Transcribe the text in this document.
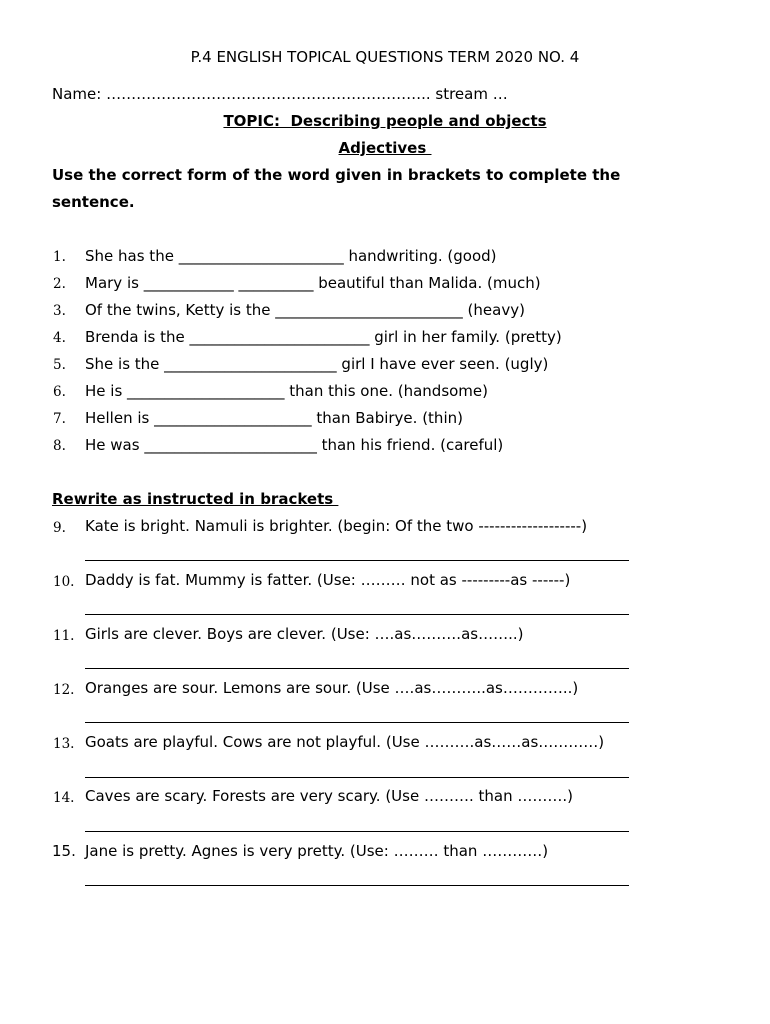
P.4 ENGLISH TOPICAL QUESTIONS TERM 2020 NO. 4
Name: ……………………………………………………….. stream …
TOPIC:  Describing people and objects
Adjectives
Use the correct form of the word given in brackets to complete the
sentence.
1. She has the ______________________ handwriting. (good)
2. Mary is ____________ __________ beautiful than Malida. (much)
3. Of the twins, Ketty is the _________________________ (heavy)
4. Brenda is the ________________________ girl in her family. (pretty)
5. She is the _______________________ girl I have ever seen. (ugly)
6. He is _____________________ than this one. (handsome)
7. Hellen is _____________________ than Babirye. (thin)
8. He was _______________________ than his friend. (careful)
Rewrite as instructed in brackets
9. Kate is bright. Namuli is brighter. (begin: Of the two -------------------)
10. Daddy is fat. Mummy is fatter. (Use: ……… not as ---------as ------)
11. Girls are clever. Boys are clever. (Use: ….as……….as……..)
12. Oranges are sour. Lemons are sour. (Use ….as………..as…………..)
13. Goats are playful. Cows are not playful. (Use ……….as……as…………)
14. Caves are scary. Forests are very scary. (Use ………. than ……….)
15. Jane is pretty. Agnes is very pretty. (Use: ……… than …………)
